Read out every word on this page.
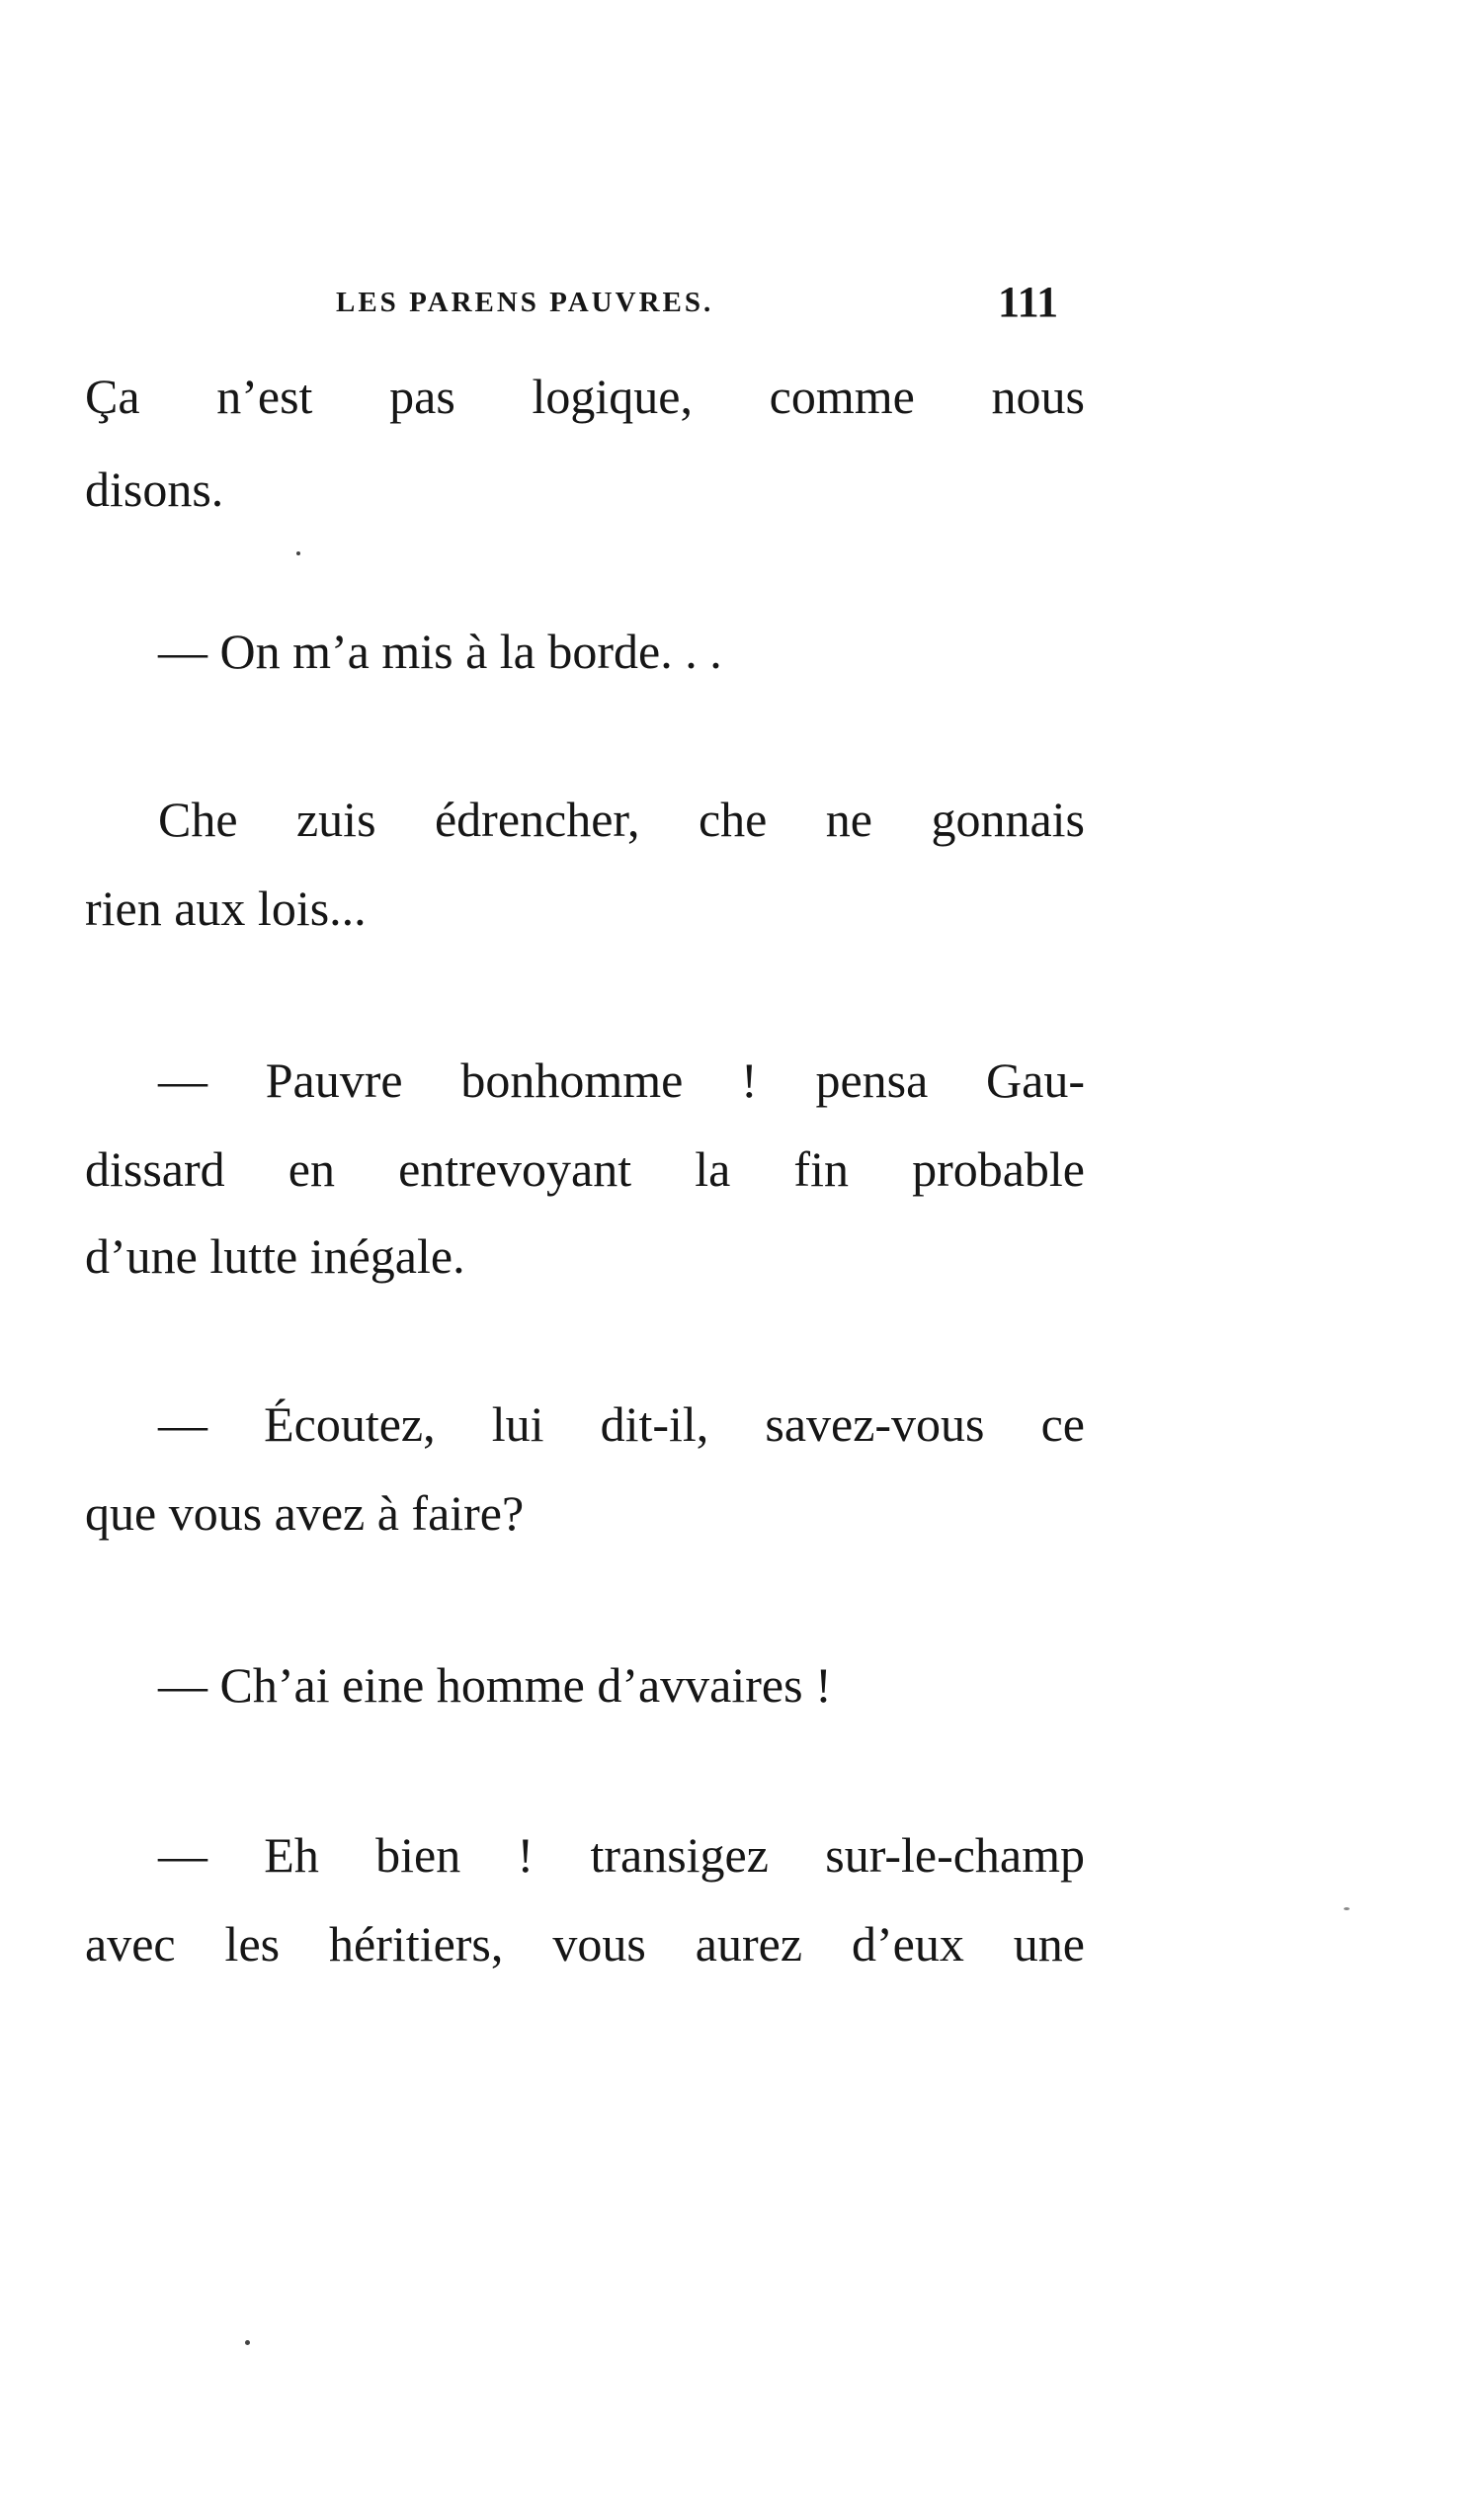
LES PARENS PAUVRES.	111

Ça n’est pas logique, comme nous

disons.

— On m’a mis à la borde. . .

Che zuis édrencher, che ne gonnais

rien aux lois...

— Pauvre bonhomme ! pensa Gau-

dissard en entrevoyant la fin probable

d’une lutte inégale.

— Écoutez, lui dit-il, savez-vous ce

que vous avez à faire?

— Ch’ai eine homme d’avvaires !

— Eh bien ! transigez sur-le-champ

avec les héritiers, vous aurez d’eux une
